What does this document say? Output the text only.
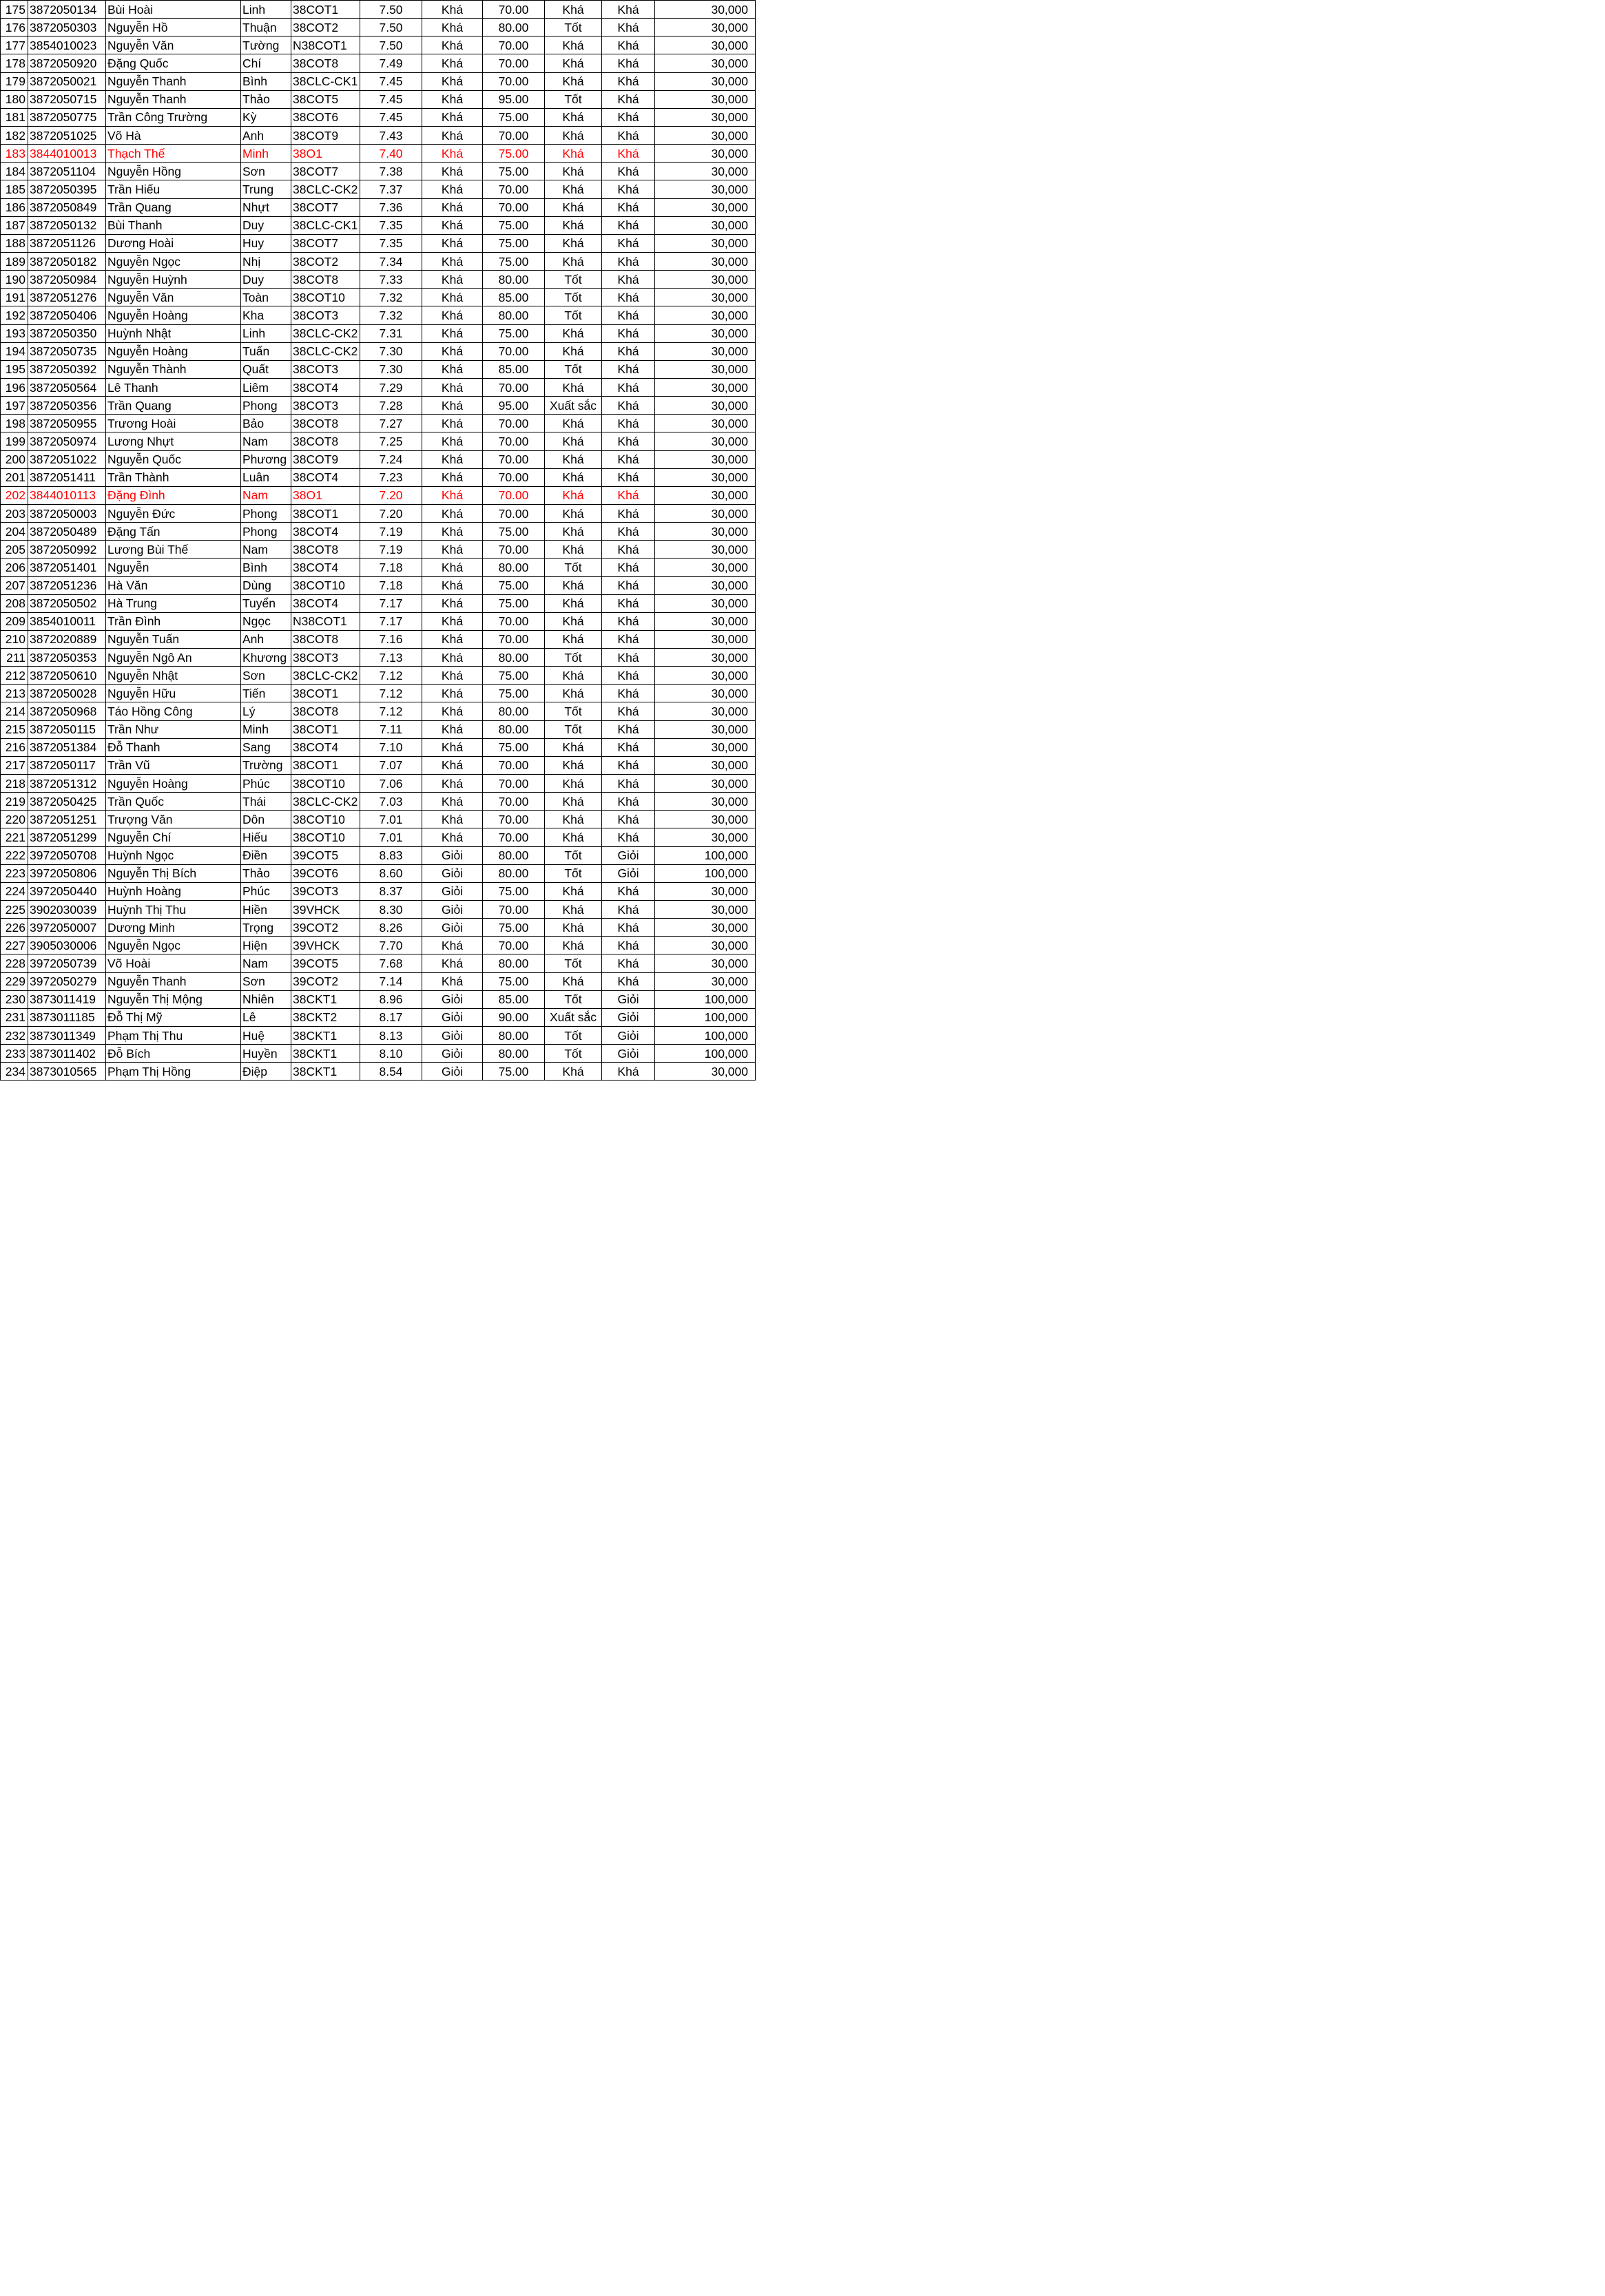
175	3872050134	Bùi Hoài	Linh	38COT1	7.50	Khá	70.00	Khá	Khá	30,000
176	3872050303	Nguyễn Hồ	Thuận	38COT2	7.50	Khá	80.00	Tốt	Khá	30,000
177	3854010023	Nguyễn Văn	Tường	N38COT1	7.50	Khá	70.00	Khá	Khá	30,000
178	3872050920	Đặng Quốc	Chí	38COT8	7.49	Khá	70.00	Khá	Khá	30,000
179	3872050021	Nguyễn Thanh	Bình	38CLC-CK1	7.45	Khá	70.00	Khá	Khá	30,000
180	3872050715	Nguyễn Thanh	Thảo	38COT5	7.45	Khá	95.00	Tốt	Khá	30,000
181	3872050775	Trần Công Trường	Kỳ	38COT6	7.45	Khá	75.00	Khá	Khá	30,000
182	3872051025	Võ Hà	Anh	38COT9	7.43	Khá	70.00	Khá	Khá	30,000
183	3844010013	Thạch Thế	Minh	38O1	7.40	Khá	75.00	Khá	Khá	30,000
184	3872051104	Nguyễn Hồng	Sơn	38COT7	7.38	Khá	75.00	Khá	Khá	30,000
185	3872050395	Trần Hiếu	Trung	38CLC-CK2	7.37	Khá	70.00	Khá	Khá	30,000
186	3872050849	Trần Quang	Nhựt	38COT7	7.36	Khá	70.00	Khá	Khá	30,000
187	3872050132	Bùi Thanh	Duy	38CLC-CK1	7.35	Khá	75.00	Khá	Khá	30,000
188	3872051126	Dương Hoài	Huy	38COT7	7.35	Khá	75.00	Khá	Khá	30,000
189	3872050182	Nguyễn Ngọc	Nhị	38COT2	7.34	Khá	75.00	Khá	Khá	30,000
190	3872050984	Nguyễn Huỳnh	Duy	38COT8	7.33	Khá	80.00	Tốt	Khá	30,000
191	3872051276	Nguyễn Văn	Toàn	38COT10	7.32	Khá	85.00	Tốt	Khá	30,000
192	3872050406	Nguyễn Hoàng	Kha	38COT3	7.32	Khá	80.00	Tốt	Khá	30,000
193	3872050350	Huỳnh Nhật	Linh	38CLC-CK2	7.31	Khá	75.00	Khá	Khá	30,000
194	3872050735	Nguyễn Hoàng	Tuấn	38CLC-CK2	7.30	Khá	70.00	Khá	Khá	30,000
195	3872050392	Nguyễn Thành	Quất	38COT3	7.30	Khá	85.00	Tốt	Khá	30,000
196	3872050564	Lê Thanh	Liêm	38COT4	7.29	Khá	70.00	Khá	Khá	30,000
197	3872050356	Trần Quang	Phong	38COT3	7.28	Khá	95.00	Xuất sắc	Khá	30,000
198	3872050955	Trương Hoài	Bảo	38COT8	7.27	Khá	70.00	Khá	Khá	30,000
199	3872050974	Lương Nhựt	Nam	38COT8	7.25	Khá	70.00	Khá	Khá	30,000
200	3872051022	Nguyễn Quốc	Phương	38COT9	7.24	Khá	70.00	Khá	Khá	30,000
201	3872051411	Trần Thành	Luân	38COT4	7.23	Khá	70.00	Khá	Khá	30,000
202	3844010113	Đặng Đình	Nam	38O1	7.20	Khá	70.00	Khá	Khá	30,000
203	3872050003	Nguyễn Đức	Phong	38COT1	7.20	Khá	70.00	Khá	Khá	30,000
204	3872050489	Đặng Tấn	Phong	38COT4	7.19	Khá	75.00	Khá	Khá	30,000
205	3872050992	Lương Bùi Thế	Nam	38COT8	7.19	Khá	70.00	Khá	Khá	30,000
206	3872051401	Nguyễn	Bình	38COT4	7.18	Khá	80.00	Tốt	Khá	30,000
207	3872051236	Hà Văn	Dùng	38COT10	7.18	Khá	75.00	Khá	Khá	30,000
208	3872050502	Hà Trung	Tuyển	38COT4	7.17	Khá	75.00	Khá	Khá	30,000
209	3854010011	Trần Đình	Ngọc	N38COT1	7.17	Khá	70.00	Khá	Khá	30,000
210	3872020889	Nguyễn Tuấn	Anh	38COT8	7.16	Khá	70.00	Khá	Khá	30,000
211	3872050353	Nguyễn Ngô An	Khương	38COT3	7.13	Khá	80.00	Tốt	Khá	30,000
212	3872050610	Nguyễn Nhật	Sơn	38CLC-CK2	7.12	Khá	75.00	Khá	Khá	30,000
213	3872050028	Nguyễn Hữu	Tiến	38COT1	7.12	Khá	75.00	Khá	Khá	30,000
214	3872050968	Táo Hồng Công	Lý	38COT8	7.12	Khá	80.00	Tốt	Khá	30,000
215	3872050115	Trần Như	Minh	38COT1	7.11	Khá	80.00	Tốt	Khá	30,000
216	3872051384	Đỗ Thanh	Sang	38COT4	7.10	Khá	75.00	Khá	Khá	30,000
217	3872050117	Trần Vũ	Trường	38COT1	7.07	Khá	70.00	Khá	Khá	30,000
218	3872051312	Nguyễn Hoàng	Phúc	38COT10	7.06	Khá	70.00	Khá	Khá	30,000
219	3872050425	Trần Quốc	Thái	38CLC-CK2	7.03	Khá	70.00	Khá	Khá	30,000
220	3872051251	Trượng Văn	Dôn	38COT10	7.01	Khá	70.00	Khá	Khá	30,000
221	3872051299	Nguyễn Chí	Hiếu	38COT10	7.01	Khá	70.00	Khá	Khá	30,000
222	3972050708	Huỳnh Ngọc	Điền	39COT5	8.83	Giỏi	80.00	Tốt	Giỏi	100,000
223	3972050806	Nguyễn Thị Bích	Thảo	39COT6	8.60	Giỏi	80.00	Tốt	Giỏi	100,000
224	3972050440	Huỳnh Hoàng	Phúc	39COT3	8.37	Giỏi	75.00	Khá	Khá	30,000
225	3902030039	Huỳnh Thị Thu	Hiền	39VHCK	8.30	Giỏi	70.00	Khá	Khá	30,000
226	3972050007	Dương Minh	Trọng	39COT2	8.26	Giỏi	75.00	Khá	Khá	30,000
227	3905030006	Nguyễn Ngọc	Hiện	39VHCK	7.70	Khá	70.00	Khá	Khá	30,000
228	3972050739	Võ Hoài	Nam	39COT5	7.68	Khá	80.00	Tốt	Khá	30,000
229	3972050279	Nguyễn Thanh	Sơn	39COT2	7.14	Khá	75.00	Khá	Khá	30,000
230	3873011419	Nguyễn Thị Mộng	Nhiên	38CKT1	8.96	Giỏi	85.00	Tốt	Giỏi	100,000
231	3873011185	Đỗ Thị Mỹ	Lê	38CKT2	8.17	Giỏi	90.00	Xuất sắc	Giỏi	100,000
232	3873011349	Phạm Thị Thu	Huệ	38CKT1	8.13	Giỏi	80.00	Tốt	Giỏi	100,000
233	3873011402	Đỗ Bích	Huyền	38CKT1	8.10	Giỏi	80.00	Tốt	Giỏi	100,000
234	3873010565	Phạm Thị Hồng	Điệp	38CKT1	8.54	Giỏi	75.00	Khá	Khá	30,000
